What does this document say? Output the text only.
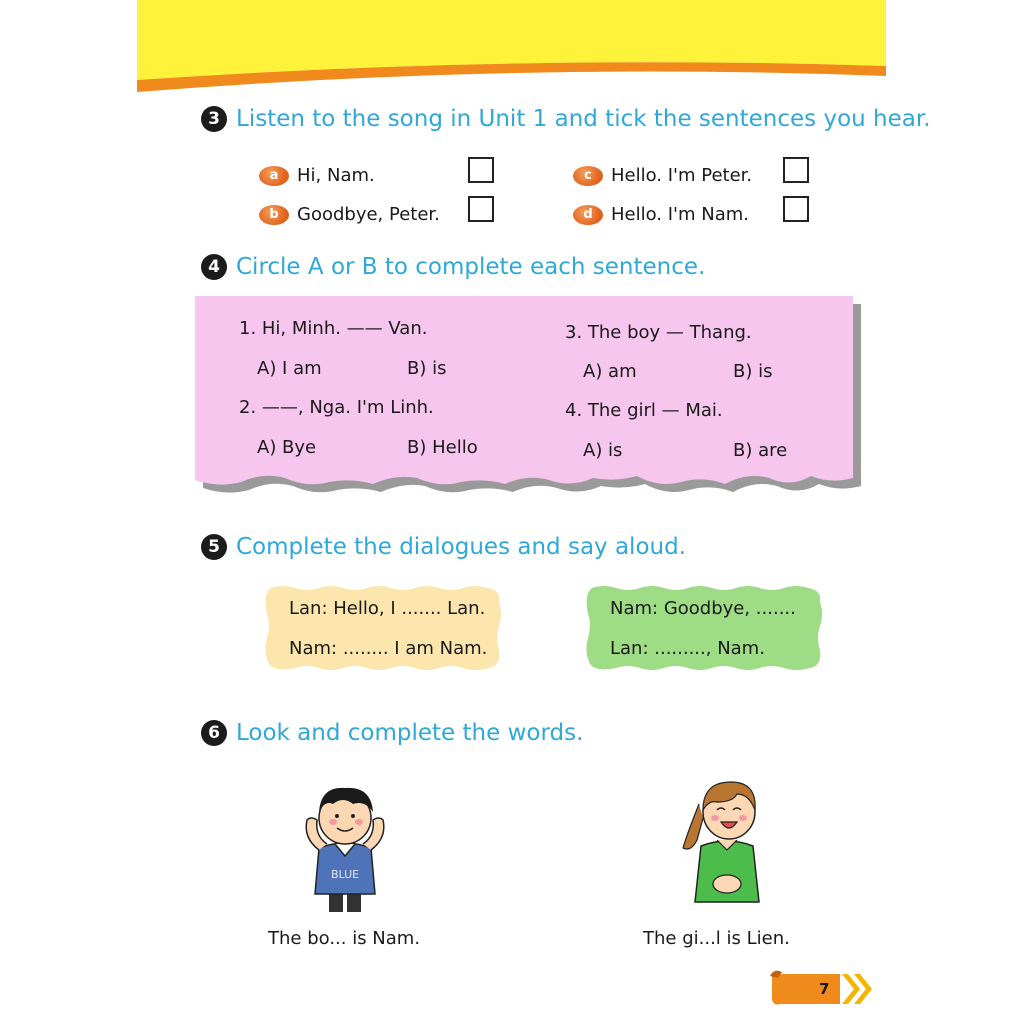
3 Listen to the song in Unit 1 and tick the sentences you hear.
a	Hi, Nam.
b	Goodbye, Peter.
c	Hello. I'm Peter.
d	Hello. I'm Nam.
4 Circle A or B to complete each sentence.
1. Hi, Minh. —— Van.
A) I am	B) is
2. ——, Nga. I'm Linh.
A) Bye	B) Hello
3. The boy — Thang.
A) am	B) is
4. The girl — Mai.
A) is	B) are
5 Complete the dialogues and say aloud.
Lan: Hello, I ....... Lan.
Nam: ........ I am Nam.
Nam: Goodbye, .......
Lan: ........., Nam.
6 Look and complete the words.
BLUE
The bo... is Nam.	The gi...l is Lien.
7
